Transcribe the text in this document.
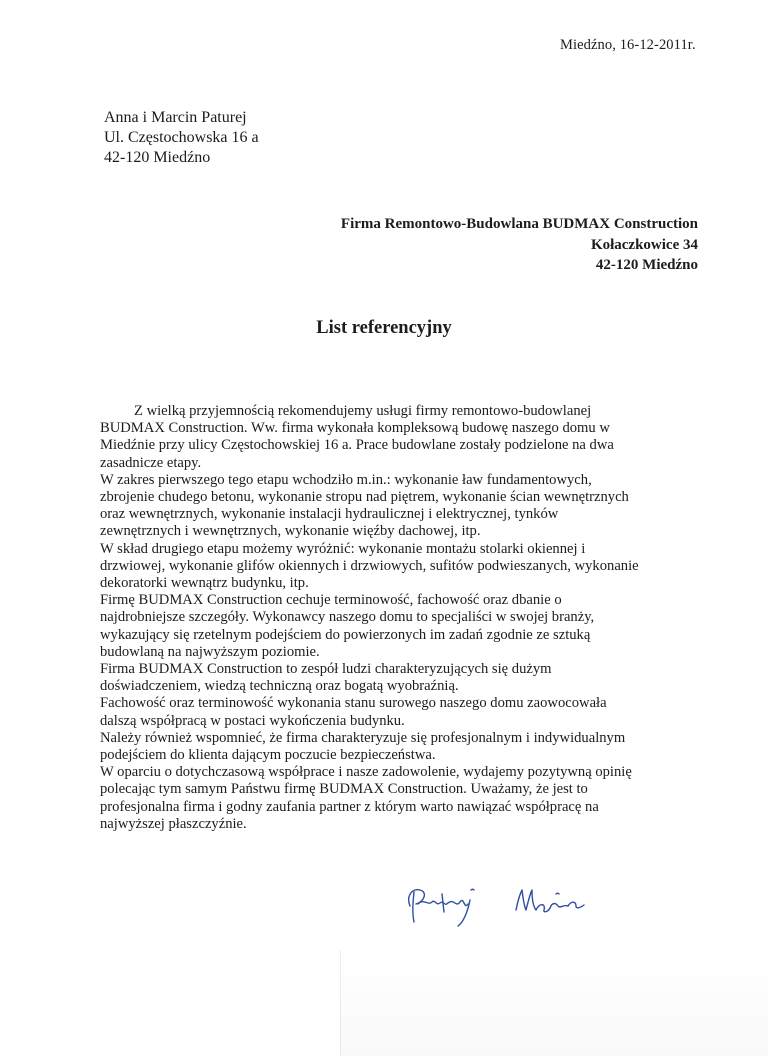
Miedźno, 16-12-2011r.
Anna i Marcin Paturej
Ul. Częstochowska 16 a
42-120 Miedźno
Firma Remontowo-Budowlana BUDMAX Construction
Kołaczkowice 34
42-120 Miedźno
List referencyjny
Z wielką przyjemnością rekomendujemy usługi firmy remontowo-budowlanej
BUDMAX Construction. Ww. firma wykonała kompleksową budowę naszego domu w
Miedźnie przy ulicy Częstochowskiej 16 a. Prace budowlane zostały podzielone na dwa
zasadnicze etapy.
W zakres pierwszego tego etapu wchodziło m.in.: wykonanie ław fundamentowych,
zbrojenie chudego betonu, wykonanie stropu nad piętrem, wykonanie ścian wewnętrznych
oraz wewnętrznych, wykonanie instalacji hydraulicznej i elektrycznej, tynków
zewnętrznych i wewnętrznych, wykonanie więźby dachowej, itp.
W skład drugiego etapu możemy wyróżnić: wykonanie montażu stolarki okiennej i
drzwiowej, wykonanie glifów okiennych i drzwiowych, sufitów podwieszanych, wykonanie
dekoratorki wewnątrz budynku, itp.
Firmę BUDMAX Construction cechuje terminowość, fachowość oraz dbanie o
najdrobniejsze szczegóły. Wykonawcy naszego domu to specjaliści w swojej branży,
wykazujący się rzetelnym podejściem do powierzonych im zadań zgodnie ze sztuką
budowlaną na najwyższym poziomie.
Firma BUDMAX Construction to zespół ludzi charakteryzujących się dużym
doświadczeniem, wiedzą techniczną oraz bogatą wyobraźnią.
Fachowość oraz terminowość wykonania stanu surowego naszego domu zaowocowała
dalszą współpracą w postaci wykończenia budynku.
Należy również wspomnieć, że firma charakteryzuje się profesjonalnym i indywidualnym
podejściem do klienta dającym poczucie bezpieczeństwa.
W oparciu o dotychczasową współprace i nasze zadowolenie, wydajemy pozytywną opinię
polecając tym samym Państwu firmę BUDMAX Construction. Uważamy, że jest to
profesjonalna firma i godny zaufania partner z którym warto nawiązać współpracę na
najwyższej płaszczyźnie.
